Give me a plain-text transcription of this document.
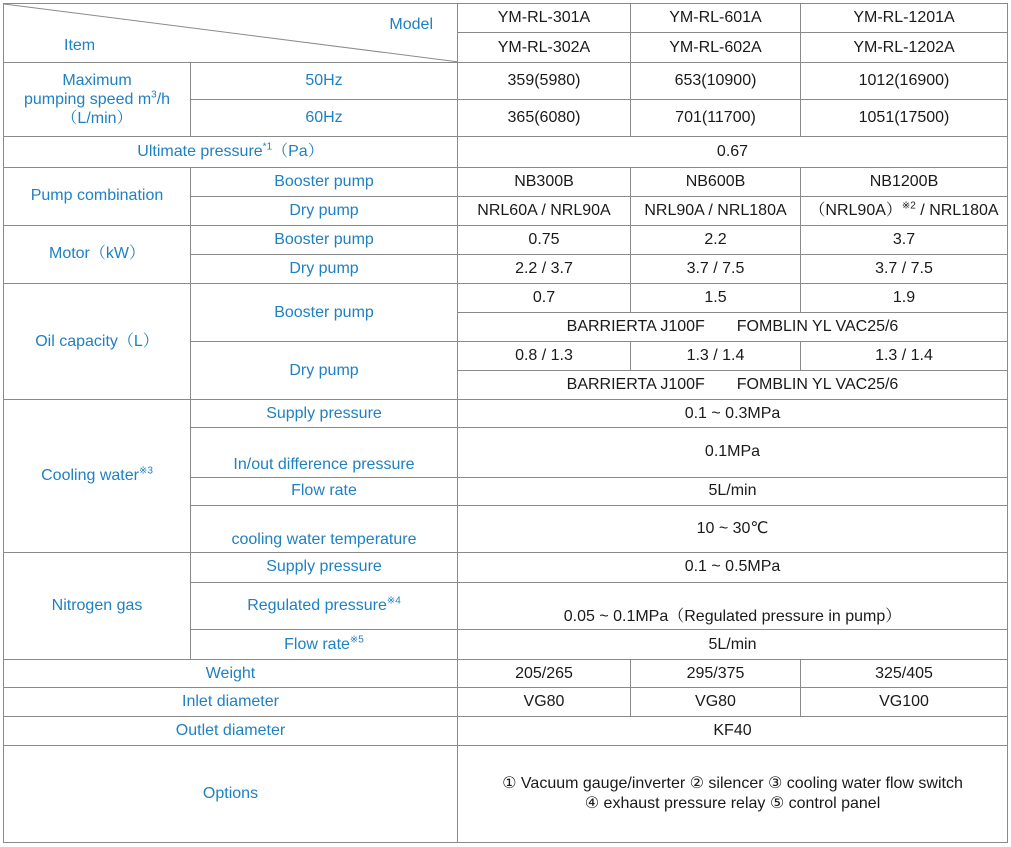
Model
Item		YM-RL-301A	YM-RL-601A	YM-RL-1201A
		YM-RL-302A	YM-RL-602A	YM-RL-1202A
Maximum
pumping speed $m^3/h$
（L/min）	50Hz	359(5980)	653(10900)	1012(16900)
	60Hz	365(6080)	701(11700)	1051(17500)
Ultimate pressure$^{*1}$（Pa）		0.67		
Pump combination	Booster pump	NB300B	NB600B	NB1200B
	Dry pump	NRL60A / NRL90A	NRL90A / NRL180A	$(NRL90A)^{※2} / NRL180A$
Motor（kW）	Booster pump	0.75	2.2	3.7
	Dry pump	2.2 / 3.7	3.7 / 7.5	3.7 / 7.5
Oil capacity（L）	Booster pump	0.7	1.5	1.9
		BARRIERTA J100F　　FOMBLIN YL VAC25/6		
	Dry pump	0.8 / 1.3	1.3 / 1.4	1.3 / 1.4
		BARRIERTA J100F　　FOMBLIN YL VAC25/6		
Cooling water$^{※3}$	Supply pressure	0.1 ~ 0.3MPa		
	In/out difference pressure	0.1MPa		
	Flow rate	5L/min		
	cooling water temperature	10 ~ 30℃		
Nitrogen gas	Supply pressure	0.1 ~ 0.5MPa		
	Regulated pressure$^{※4}$	0.05 ~ 0.1MPa（Regulated pressure in pump）		
	Flow rate$^{※5}$	5L/min		
Weight		205/265	295/375	325/405
Inlet diameter		VG80	VG80	VG100
Outlet diameter		KF40		
Options		① Vacuum gauge/inverter ② silencer ③ cooling water flow switch
④ exhaust pressure relay ⑤ control panel		
